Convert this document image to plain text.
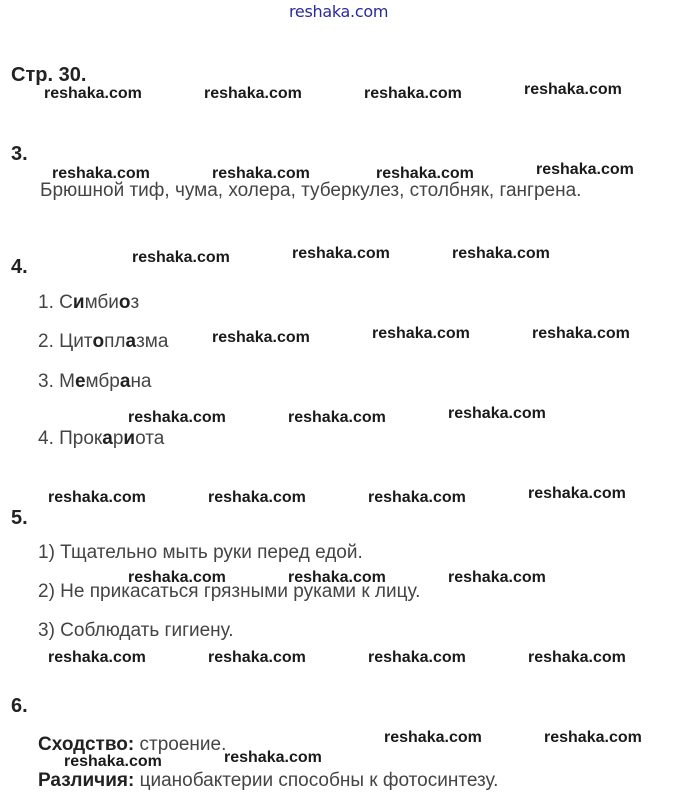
reshaka.com
Стр. 30.
reshaka.com	reshaka.com	reshaka.com	reshaka.com
reshaka.com	reshaka.com	reshaka.com	reshaka.com
reshaka.com	reshaka.com	reshaka.com
reshaka.com	reshaka.com	reshaka.com
reshaka.com	reshaka.com	reshaka.com
reshaka.com	reshaka.com	reshaka.com	reshaka.com
reshaka.com	reshaka.com	reshaka.com
reshaka.com	reshaka.com	reshaka.com	reshaka.com
reshaka.com	reshaka.com
reshaka.com
reshaka.com
3.
Брюшной тиф, чума, холера, туберкулез, столбняк, гангрена.
4.
1. Симбиоз
2. Цитоплазма
3. Мембрана
4. Прокариота
5.
1) Тщательно мыть руки перед едой.
2) Не прикасаться грязными руками к лицу.
3) Соблюдать гигиену.
6.
Сходство: строение.
Различия: цианобактерии способны к фотосинтезу.
